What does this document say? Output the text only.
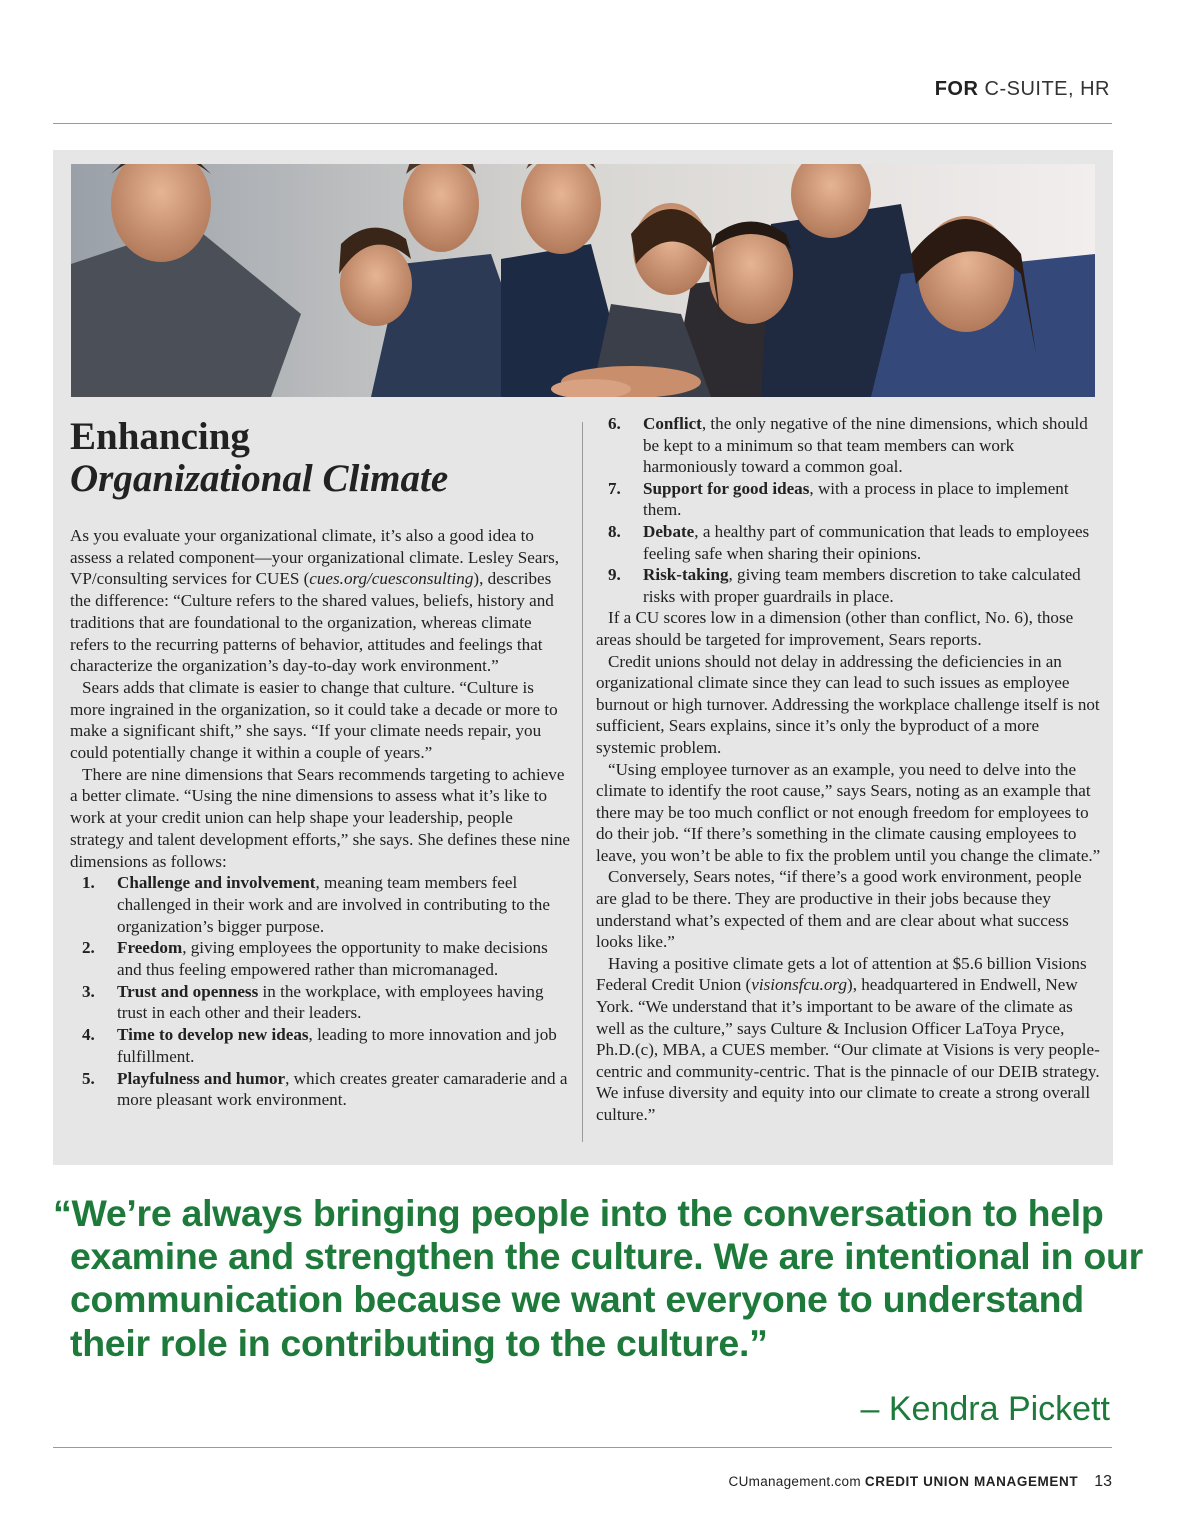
FOR C-SUITE, HR
Enhancing
Organizational Climate

As you evaluate your organizational climate, it’s also a good idea to assess a related component—your organizational climate. Lesley Sears, VP/consulting services for CUES (cues.org/cuesconsulting), describes the difference: “Culture refers to the shared values, beliefs, history and traditions that are foundational to the organization, whereas climate refers to the recurring patterns of behavior, attitudes and feelings that characterize the organization’s day-to-day work environment.”

Sears adds that climate is easier to change that culture. “Culture is more ingrained in the organization, so it could take a decade or more to make a significant shift,” she says. “If your climate needs repair, you could potentially change it within a couple of years.”

There are nine dimensions that Sears recommends targeting to achieve a better climate. “Using the nine dimensions to assess what it’s like to work at your credit union can help shape your leadership, people strategy and talent development efforts,” she says. She defines these nine dimensions as follows:

1. Challenge and involvement, meaning team members feel challenged in their work and are involved in contributing to the organization’s bigger purpose.
2. Freedom, giving employees the opportunity to make decisions and thus feeling empowered rather than micromanaged.
3. Trust and openness in the workplace, with employees having trust in each other and their leaders.
4. Time to develop new ideas, leading to more innovation and job fulfillment.
5. Playfulness and humor, which creates greater camaraderie and a more pleasant work environment.
6. Conflict, the only negative of the nine dimensions, which should be kept to a minimum so that team members can work harmoniously toward a common goal.
7. Support for good ideas, with a process in place to implement them.
8. Debate, a healthy part of communication that leads to employees feeling safe when sharing their opinions.
9. Risk-taking, giving team members discretion to take calculated risks with proper guardrails in place.

If a CU scores low in a dimension (other than conflict, No. 6), those areas should be targeted for improvement, Sears reports.

Credit unions should not delay in addressing the deficiencies in an organizational climate since they can lead to such issues as employee burnout or high turnover. Addressing the workplace challenge itself is not sufficient, Sears explains, since it’s only the byproduct of a more systemic problem.

“Using employee turnover as an example, you need to delve into the climate to identify the root cause,” says Sears, noting as an example that there may be too much conflict or not enough freedom for employees to do their job. “If there’s something in the climate causing employees to leave, you won’t be able to fix the problem until you change the climate.”

Conversely, Sears notes, “if there’s a good work environment, people are glad to be there. They are productive in their jobs because they understand what’s expected of them and are clear about what success looks like.”

Having a positive climate gets a lot of attention at $5.6 billion Visions Federal Credit Union (visionsfcu.org), headquartered in Endwell, New York. “We understand that it’s important to be aware of the climate as well as the culture,” says Culture & Inclusion Officer LaToya Pryce, Ph.D.(c), MBA, a CUES member. “Our climate at Visions is very people-centric and community-centric. That is the pinnacle of our DEIB strategy. We infuse diversity and equity into our climate to create a strong overall culture.”

“We’re always bringing people into the conversation to help
examine and strengthen the culture. We are intentional in our
communication because we want everyone to understand
their role in contributing to the culture.”
– Kendra Pickett
CUmanagement.com CREDIT UNION MANAGEMENT 13
